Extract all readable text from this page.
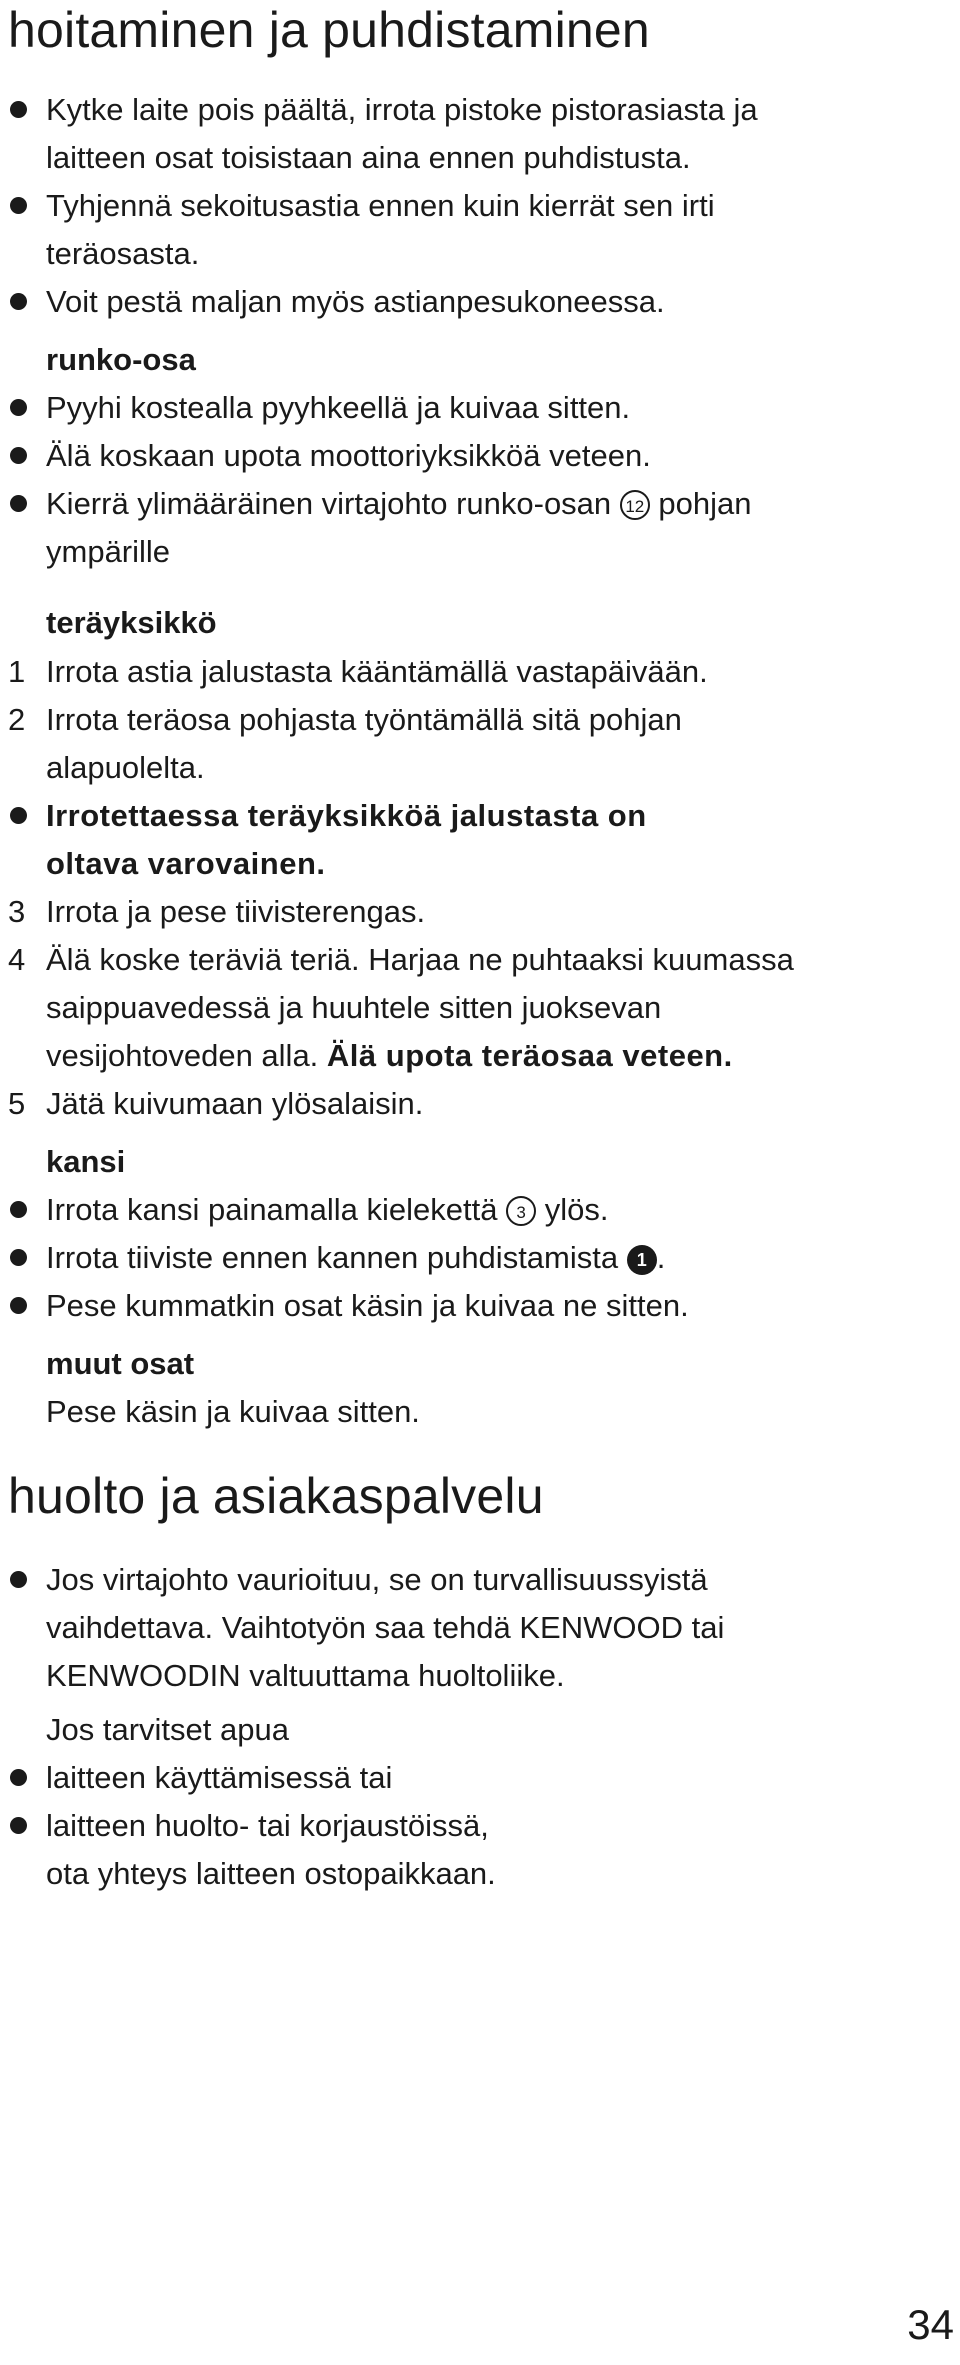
hoitaminen ja puhdistaminen

Kytke laite pois päältä, irrota pistoke pistorasiasta ja

laitteen osat toisistaan aina ennen puhdistusta.

Tyhjennä sekoitusastia ennen kuin kierrät sen irti

teräosasta.

Voit pestä maljan myös astianpesukoneessa.

runko-osa

Pyyhi kostealla pyyhkeellä ja kuivaa sitten.

Älä koskaan upota moottoriyksikköä veteen.

Kierrä ylimääräinen virtajohto runko-osan 12 pohjan

ympärille

teräyksikkö

1 Irrota astia jalustasta kääntämällä vastapäivään.

2 Irrota teräosa pohjasta työntämällä sitä pohjan

alapuolelta.

Irrotettaessa teräyksikköä jalustasta on

oltava varovainen.

3 Irrota ja pese tiivisterengas.

4 Älä koske teräviä teriä. Harjaa ne puhtaaksi kuumassa

saippuavedessä ja huuhtele sitten juoksevan

vesijohtoveden alla. Älä upota teräosaa veteen.

5 Jätä kuivumaan ylösalaisin.

kansi

Irrota kansi painamalla kielekettä 3 ylös.

Irrota tiiviste ennen kannen puhdistamista 1 .

Pese kummatkin osat käsin ja kuivaa ne sitten.

muut osat

Pese käsin ja kuivaa sitten.

huolto ja asiakaspalvelu

Jos virtajohto vaurioituu, se on turvallisuussyistä

vaihdettava. Vaihtotyön saa tehdä KENWOOD tai

KENWOODIN valtuuttama huoltoliike.

Jos tarvitset apua

laitteen käyttämisessä tai

laitteen huolto- tai korjaustöissä,

ota yhteys laitteen ostopaikkaan.

34
